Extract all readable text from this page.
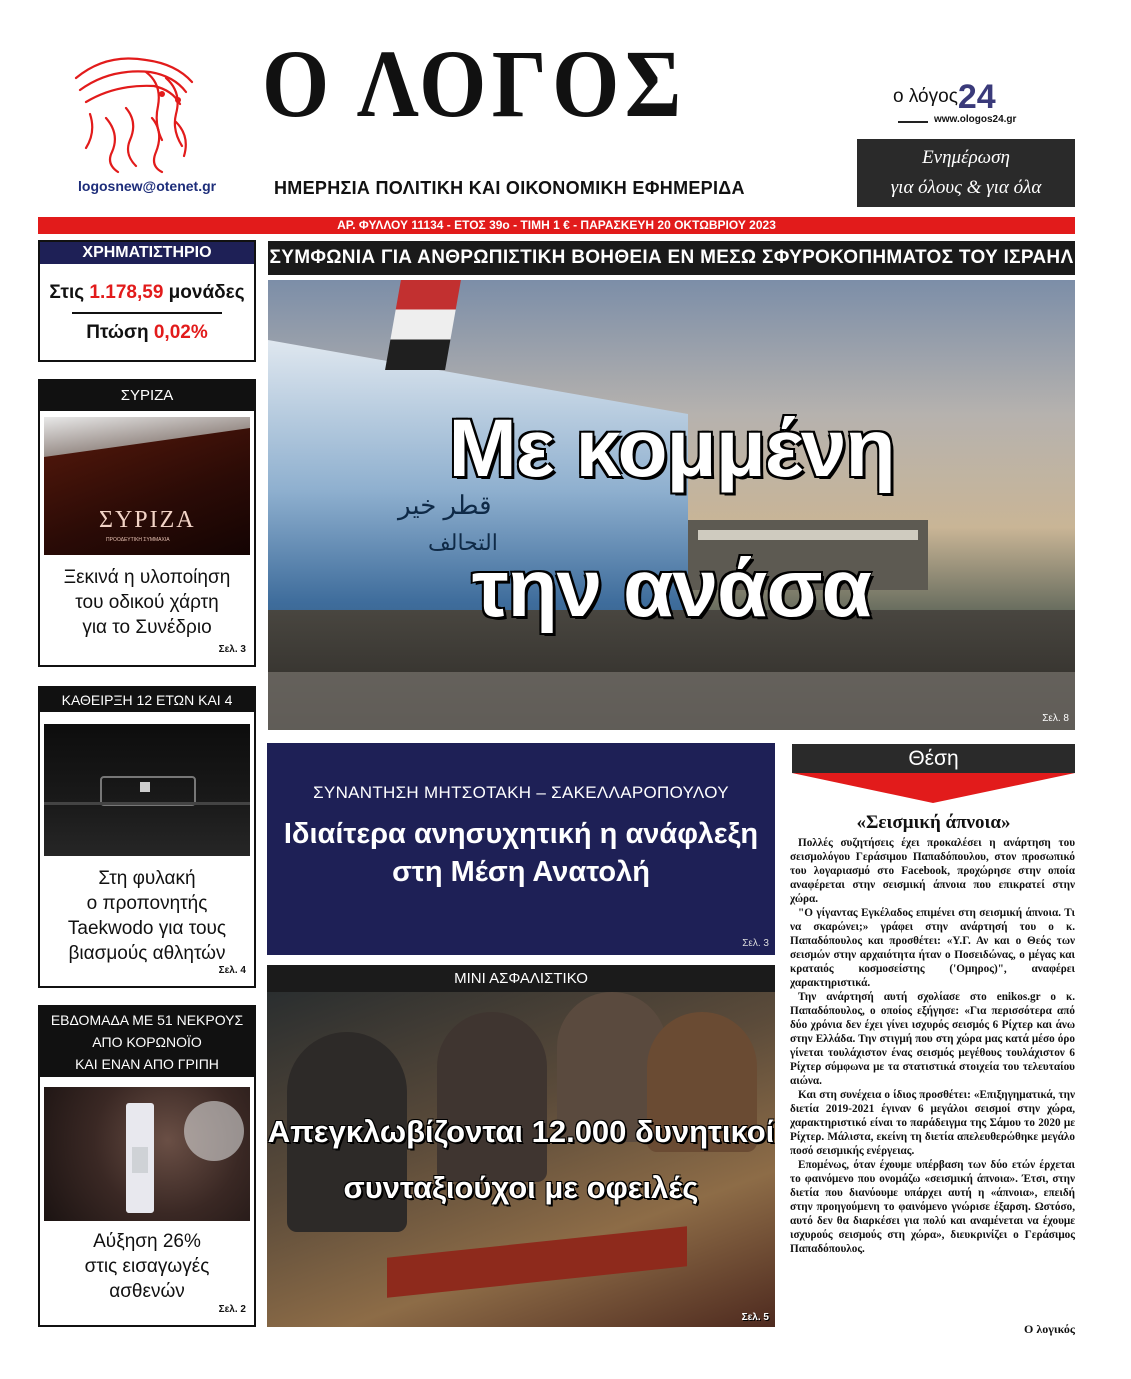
logosnew@otenet.gr
Ο ΛΟΓΟΣ
ΗΜΕΡΗΣΙΑ ΠΟΛΙΤΙΚΗ ΚΑΙ ΟΙΚΟΝΟΜΙΚΗ ΕΦΗΜΕΡΙΔΑ
ο λόγος24
www.ologos24.gr
Ενημέρωση
για όλους & για όλα
ΑΡ. ΦΥΛΛΟΥ 11134 - ΕΤΟΣ 39ο - ΤΙΜΗ 1 € - ΠΑΡΑΣΚΕΥΗ 20 ΟΚΤΩΒΡΙΟΥ 2023
ΧΡΗΜΑΤΙΣΤΗΡΙΟ
Στις 1.178,59 μονάδες
Πτώση 0,02%
ΣΥΡΙΖΑ
ΣΥΡΙΖΑ
ΠΡΟΟΔΕΥΤΙΚΗ ΣΥΜΜΑΧΙΑ
Ξεκινά η υλοποίηση
του οδικού χάρτη
για το Συνέδριο
Σελ. 3
ΚΑΘΕΙΡΞΗ 12 ΕΤΩΝ ΚΑΙ 4
Στη φυλακή
ο προπονητής
Taekwodo για τους
βιασμούς αθλητών
Σελ. 4
ΕΒΔΟΜΑΔΑ ΜΕ 51 ΝΕΚΡΟΥΣ
ΑΠΟ ΚΟΡΩΝΟΪΟ
ΚΑΙ ΕΝΑΝ ΑΠΟ ΓΡΙΠΗ
Αύξηση 26%
στις εισαγωγές
ασθενών
Σελ. 2
ΣΥΜΦΩΝΙΑ ΓΙΑ ΑΝΘΡΩΠΙΣΤΙΚΗ ΒΟΗΘΕΙΑ ΕΝ ΜΕΣΩ ΣΦΥΡΟΚΟΠΗΜΑΤΟΣ ΤΟΥ ΙΣΡΑΗΛ
قطر خير
التحالف
Με κομμένη
την ανάσα
Σελ. 8
ΣΥΝΑΝΤΗΣΗ ΜΗΤΣΟΤΑΚΗ – ΣΑΚΕΛΛΑΡΟΠΟΥΛΟΥ
Ιδιαίτερα ανησυχητική η ανάφλεξη
στη Μέση Ανατολή
Σελ. 3
ΜΙΝΙ ΑΣΦΑΛΙΣΤΙΚΟ
Απεγκλωβίζονται 12.000 δυνητικοί
συνταξιούχοι με οφειλές
Σελ. 5
Θέση
«Σεισμική άπνοια»

Πολλές συζητήσεις έχει προκαλέσει η ανάρτηση του σεισμολόγου Γεράσιμου Παπαδόπουλου, στον προσωπικό του λογαριασμό στο Facebook, προχώρησε στην οποία αναφέρεται στην σεισμική άπνοια που επικρατεί στην χώρα.

"Ο γίγαντας Εγκέλαδος επιμένει στη σεισμική άπνοια. Τι να σκαρώνει;» γράφει στην ανάρτησή του ο κ. Παπαδόπουλος και προσθέτει: «Υ.Γ. Αν και ο Θεός των σεισμών στην αρχαιότητα ήταν ο Ποσειδώνας, ο μέγας και κραταιός κοσμοσείστης ('Ομηρος)", αναφέρει χαρακτηριστικά.

Την ανάρτησή αυτή σχολίασε στο enikos.gr ο κ. Παπαδόπουλος, ο οποίος εξήγησε: «Για περισσότερα από δύο χρόνια δεν έχει γίνει ισχυρός σεισμός 6 Ρίχτερ και άνω στην Ελλάδα. Την στιγμή που στη χώρα μας κατά μέσο όρο γίνεται τουλάχιστον ένας σεισμός μεγέθους τουλάχιστον 6 Ρίχτερ σύμφωνα με τα στατιστικά στοιχεία του τελευταίου αιώνα.

Και στη συνέχεια ο ίδιος προσθέτει: «Επιξηγηματικά, την διετία 2019-2021 έγιναν 6 μεγάλοι σεισμοί στην χώρα, χαρακτηριστικό είναι το παράδειγμα της Σάμου το 2020 με Ρίχτερ. Μάλιστα, εκείνη τη διετία απελευθερώθηκε μεγάλο ποσό σεισμικής ενέργειας.

Επομένως, όταν έχουμε υπέρβαση των δύο ετών έρχεται το φαινόμενο που ονομάζω «σεισμική άπνοια». Έτσι, στην διετία που διανύουμε υπάρχει αυτή η «άπνοια», επειδή στην προηγούμενη το φαινόμενο γνώρισε έξαρση. Ωστόσο, αυτό δεν θα διαρκέσει για πολύ και αναμένεται να έχουμε ισχυρούς σεισμούς στη χώρα», διευκρινίζει ο Γεράσιμος Παπαδόπουλος.

Ο λογικός
